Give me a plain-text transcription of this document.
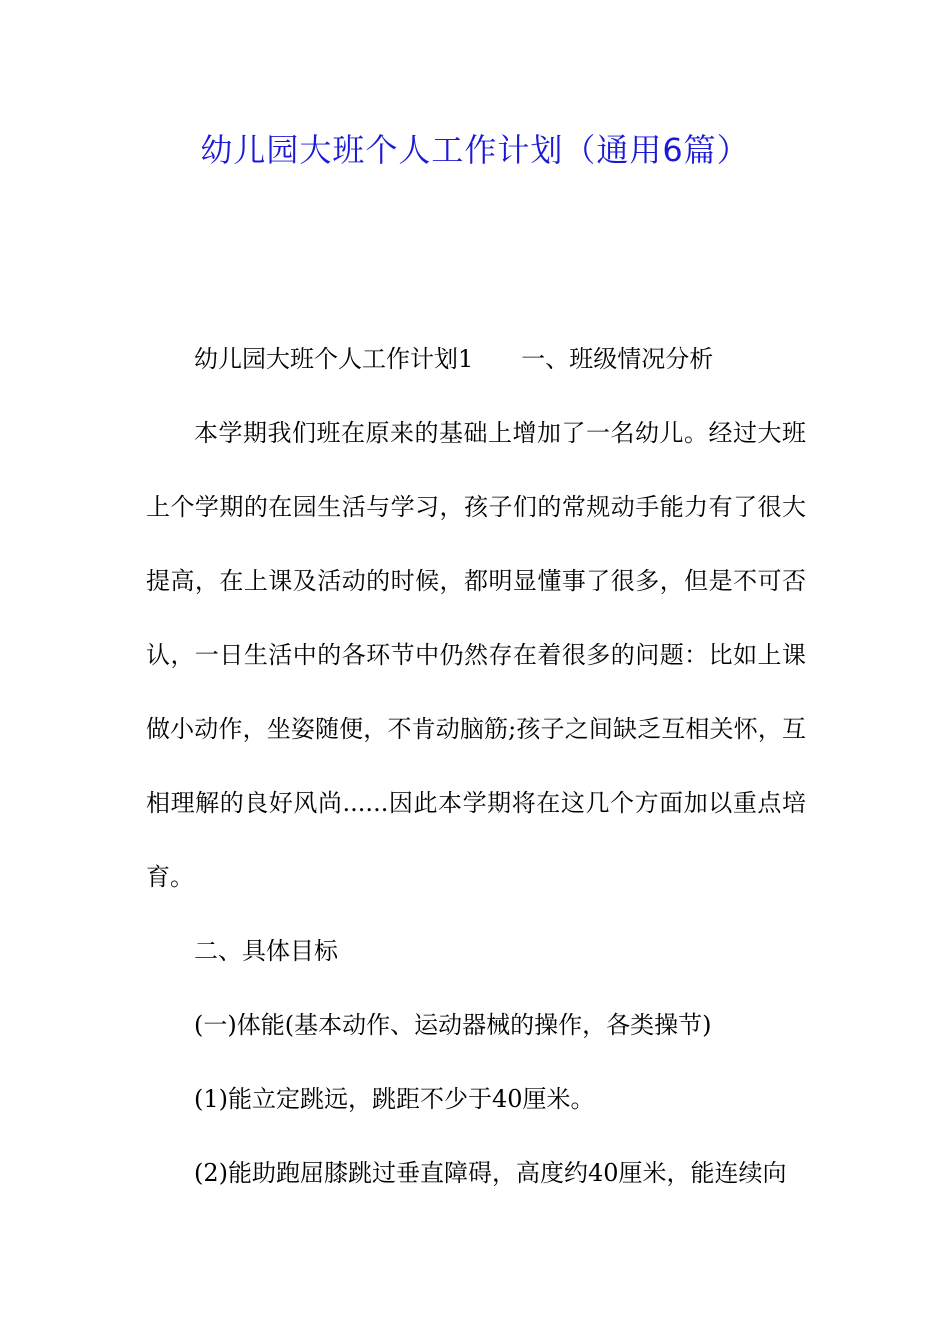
幼儿园大班个人工作计划（通用6篇）

幼儿园大班个人工作计划1　　一、班级情况分析

本学期我们班在原来的基础上增加了一名幼儿。经过大班上个学期的在园生活与学习，孩子们的常规动手能力有了很大提高，在上课及活动的时候，都明显懂事了很多，但是不可否认，一日生活中的各环节中仍然存在着很多的问题：比如上课做小动作，坐姿随便，不肯动脑筋;孩子之间缺乏互相关怀，互相理解的良好风尚......因此本学期将在这几个方面加以重点培育。

二、具体目标

(一)体能(基本动作、运动器械的操作，各类操节)

(1)能立定跳远，跳距不少于40厘米。

(2)能助跑屈膝跳过垂直障碍，高度约40厘米，能连续向
